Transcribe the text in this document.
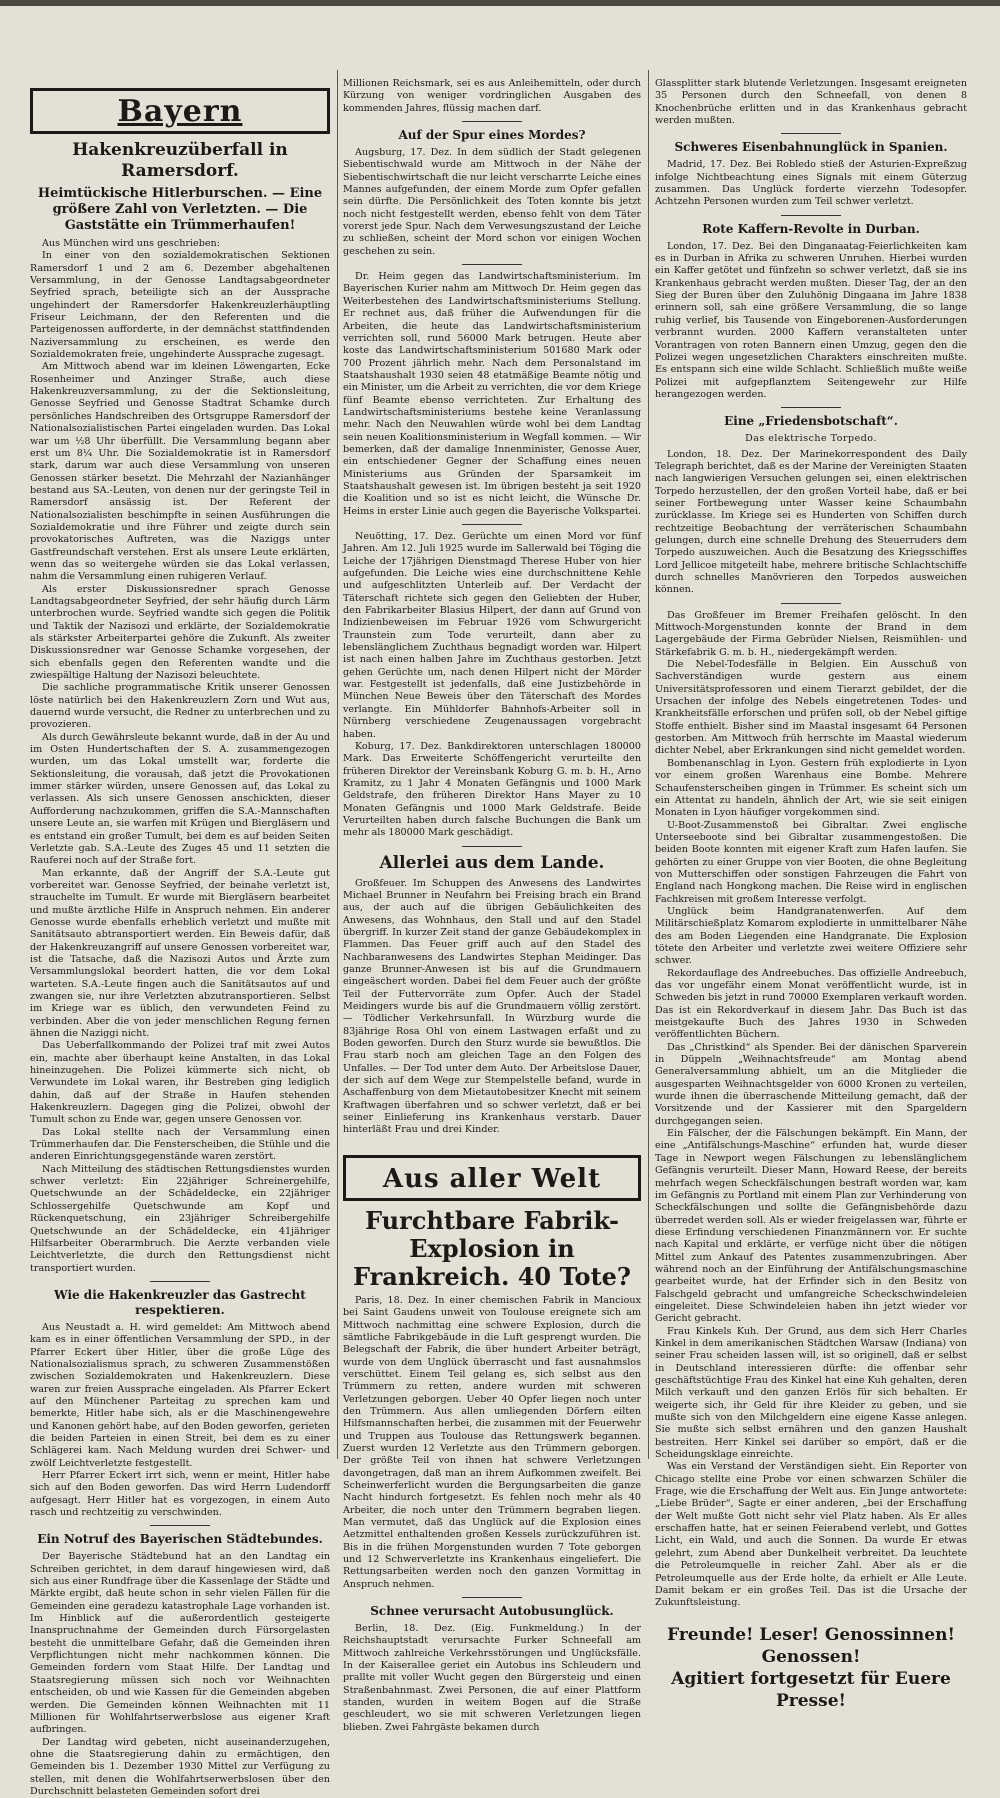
Bayern
Hakenkreuzüberfall in Ramersdorf.
Heimtückische Hitlerburschen. — Eine größere Zahl von Verletzten. — Die Gaststätte ein Trümmerhaufen!

Aus München wird uns geschrieben:

In einer von den sozialdemokratischen Sektionen Ramersdorf 1 und 2 am 6. Dezember abgehaltenen Versammlung, in der Genosse Landtagsabgeordneter Seyfried sprach, beteiligte sich an der Aussprache ungehindert der Ramersdorfer Hakenkreuzlerhäuptling Friseur Leichmann, der den Referenten und die Parteigenossen aufforderte, in der demnächst stattfindenden Naziversammlung zu erscheinen, es werde den Sozialdemokraten freie, ungehinderte Aussprache zugesagt.

Am Mittwoch abend war im kleinen Löwengarten, Ecke Rosenheimer und Anzinger Straße, auch diese Hakenkreuzversammlung, zu der die Sektionsleitung, Genosse Seyfried und Genosse Stadtrat Schamke durch persönliches Handschreiben des Ortsgruppe Ramersdorf der Nationalsozialistischen Partei eingeladen wurden. Das Lokal war um ½8 Uhr überfüllt. Die Versammlung begann aber erst um 8¼ Uhr. Die Sozialdemokratie ist in Ramersdorf stark, darum war auch diese Versammlung von unseren Genossen stärker besetzt. Die Mehrzahl der Nazianhänger bestand aus SA.-Leuten, von denen nur der geringste Teil in Ramersdorf ansässig ist. Der Referent der Nationalsozialisten beschimpfte in seinen Ausführungen die Sozialdemokratie und ihre Führer und zeigte durch sein provokatorisches Auftreten, was die Naziggs unter Gastfreundschaft verstehen. Erst als unsere Leute erklärten, wenn das so weitergehe würden sie das Lokal verlassen, nahm die Versammlung einen ruhigeren Verlauf.

Als erster Diskussionsredner sprach Genosse Landtagsabgeordneter Seyfried, der sehr häufig durch Lärm unterbrochen wurde. Seyfried wandte sich gegen die Politik und Taktik der Nazisozi und erklärte, der Sozialdemokratie als stärkster Arbeiterpartei gehöre die Zukunft. Als zweiter Diskussionsredner war Genosse Schamke vorgesehen, der sich ebenfalls gegen den Referenten wandte und die zwiespältige Haltung der Nazisozi beleuchtete.

Die sachliche programmatische Kritik unserer Genossen löste natürlich bei den Hakenkreuzlern Zorn und Wut aus, dauernd wurde versucht, die Redner zu unterbrechen und zu provozieren.

Als durch Gewährsleute bekannt wurde, daß in der Au und im Osten Hundertschaften der S. A. zusammengezogen wurden, um das Lokal umstellt war, forderte die Sektionsleitung, die vorausah, daß jetzt die Provokationen immer stärker würden, unsere Genossen auf, das Lokal zu verlassen. Als sich unsere Genossen anschickten, dieser Aufforderung nachzukommen, griffen die S.A.-Mannschaften unsere Leute an, sie warfen mit Krügen und Biergläsern und es entstand ein großer Tumult, bei dem es auf beiden Seiten Verletzte gab. S.A.-Leute des Zuges 45 und 11 setzten die Rauferei noch auf der Straße fort.

Man erkannte, daß der Angriff der S.A.-Leute gut vorbereitet war. Genosse Seyfried, der beinahe verletzt ist, strauchelte im Tumult. Er wurde mit Biergläsern bearbeitet und mußte ärztliche Hilfe in Anspruch nehmen. Ein anderer Genosse wurde ebenfalls erheblich verletzt und mußte mit Sanitätsauto abtransportiert werden. Ein Beweis dafür, daß der Hakenkreuzangriff auf unsere Genossen vorbereitet war, ist die Tatsache, daß die Nazisozi Autos und Ärzte zum Versammlungslokal beordert hatten, die vor dem Lokal warteten. S.A.-Leute fingen auch die Sanitätsautos auf und zwangen sie, nur ihre Verletzten abzutransportieren. Selbst im Kriege war es üblich, den verwundeten Feind zu verbinden. Aber die von jeder menschlichen Regung fernen ähnen die Naziggi nicht.

Das Ueberfallkommando der Polizei traf mit zwei Autos ein, machte aber überhaupt keine Anstalten, in das Lokal hineinzugehen. Die Polizei kümmerte sich nicht, ob Verwundete im Lokal waren, ihr Bestreben ging lediglich dahin, daß auf der Straße in Haufen stehenden Hakenkreuzlern. Dagegen ging die Polizei, obwohl der Tumult schon zu Ende war, gegen unsere Genossen vor.

Das Lokal stellte nach der Versammlung einen Trümmerhaufen dar. Die Fensterscheiben, die Stühle und die anderen Einrichtungsgegenstände waren zerstört.

Nach Mitteilung des städtischen Rettungsdienstes wurden schwer verletzt: Ein 22jähriger Schreinergehilfe, Quetschwunde an der Schädeldecke, ein 22jähriger Schlossergehilfe Quetschwunde am Kopf und Rückenquetschung, ein 23jähriger Schreibergehilfe Quetschwunde an der Schädeldecke, ein 41jähriger Hilfsarbeiter Oberarmbruch. Die Aerzte verbanden viele Leichtverletzte, die durch den Rettungsdienst nicht transportiert wurden.

Wie die Hakenkreuzler das Gastrecht respektieren.

Aus Neustadt a. H. wird gemeldet: Am Mittwoch abend kam es in einer öffentlichen Versammlung der SPD., in der Pfarrer Eckert über Hitler, über die große Lüge des Nationalsozialismus sprach, zu schweren Zusammenstößen zwischen Sozialdemokraten und Hakenkreuzlern. Diese waren zur freien Aussprache eingeladen. Als Pfarrer Eckert auf den Münchener Parteitag zu sprechen kam und bemerkte, Hitler habe sich, als er die Maschinengewehre und Kanonen gehört habe, auf den Boden geworfen, gerieten die beiden Parteien in einen Streit, bei dem es zu einer Schlägerei kam. Nach Meldung wurden drei Schwer- und zwölf Leichtverletzte festgestellt.

Herr Pfarrer Eckert irrt sich, wenn er meint, Hitler habe sich auf den Boden geworfen. Das wird Herrn Ludendorff aufgesagt. Herr Hitler hat es vorgezogen, in einem Auto rasch und rechtzeitig zu verschwinden.

Ein Notruf des Bayerischen Städtebundes.

Der Bayerische Städtebund hat an den Landtag ein Schreiben gerichtet, in dem darauf hingewiesen wird, daß sich aus einer Rundfrage über die Kassenlage der Städte und Märkte ergibt, daß heute schon in sehr vielen Fällen für die Gemeinden eine geradezu katastrophale Lage vorhanden ist. Im Hinblick auf die außerordentlich gesteigerte Inanspruchnahme der Gemeinden durch Fürsorgelasten besteht die unmittelbare Gefahr, daß die Gemeinden ihren Verpflichtungen nicht mehr nachkommen können. Die Gemeinden fordern vom Staat Hilfe. Der Landtag und Staatsregierung müssen sich noch vor Weihnachten entscheiden, ob und wie Kassen für die Gemeinden abgeben werden. Die Gemeinden können Weihnachten mit 11 Millionen für Wohlfahrtserwerbslose aus eigener Kraft aufbringen.

Der Landtag wird gebeten, nicht auseinanderzugehen, ohne die Staatsregierung dahin zu ermächtigen, den Gemeinden bis 1. Dezember 1930 Mittel zur Verfügung zu stellen, mit denen die Wohlfahrtserwerbslosen über den Durchschnitt belasteten Gemeinden sofort drei

Millionen Reichsmark, sei es aus Anleihemitteln, oder durch Kürzung von weniger vordringlichen Ausgaben des kommenden Jahres, flüssig machen darf.

Auf der Spur eines Mordes?

Augsburg, 17. Dez. In dem südlich der Stadt gelegenen Siebentischwald wurde am Mittwoch in der Nähe der Siebentischwirtschaft die nur leicht verscharrte Leiche eines Mannes aufgefunden, der einem Morde zum Opfer gefallen sein dürfte. Die Persönlichkeit des Toten konnte bis jetzt noch nicht festgestellt werden, ebenso fehlt von dem Täter vorerst jede Spur. Nach dem Verwesungszustand der Leiche zu schließen, scheint der Mord schon vor einigen Wochen geschehen zu sein.

Dr. Heim gegen das Landwirtschaftsministerium. Im Bayerischen Kurier nahm am Mittwoch Dr. Heim gegen das Weiterbestehen des Landwirtschaftsministeriums Stellung. Er rechnet aus, daß früher die Aufwendungen für die Arbeiten, die heute das Landwirtschaftsministerium verrichten soll, rund 56000 Mark betrugen. Heute aber koste das Landwirtschaftsministerium 501680 Mark oder 700 Prozent jährlich mehr. Nach dem Personalstand im Staatshaushalt 1930 seien 48 etatmäßige Beamte nötig und ein Minister, um die Arbeit zu verrichten, die vor dem Kriege fünf Beamte ebenso verrichteten. Zur Erhaltung des Landwirtschaftsministeriums bestehe keine Veranlassung mehr. Nach den Neuwahlen würde wohl bei dem Landtag sein neuen Koalitionsministerium in Wegfall kommen. — Wir bemerken, daß der damalige Innenminister, Genosse Auer, ein entschiedener Gegner der Schaffung eines neuen Ministeriums aus Gründen der Sparsamkeit im Staatshaushalt gewesen ist. Im übrigen besteht ja seit 1920 die Koalition und so ist es nicht leicht, die Wünsche Dr. Heims in erster Linie auch gegen die Bayerische Volkspartei.

Neuötting, 17. Dez. Gerüchte um einen Mord vor fünf Jahren. Am 12. Juli 1925 wurde im Sallerwald bei Töging die Leiche der 17jährigen Dienstmagd Therese Huber von hier aufgefunden. Die Leiche wies eine durchschnittene Kehle und aufgeschlitzten Unterleib auf. Der Verdacht der Täterschaft richtete sich gegen den Geliebten der Huber, den Fabrikarbeiter Blasius Hilpert, der dann auf Grund von Indizienbeweisen im Februar 1926 vom Schwurgericht Traunstein zum Tode verurteilt, dann aber zu lebenslänglichem Zuchthaus begnadigt worden war. Hilpert ist nach einen halben Jahre im Zuchthaus gestorben. Jetzt gehen Gerüchte um, nach denen Hilpert nicht der Mörder war. Festgestellt ist jedenfalls, daß eine Justizbehörde in München Neue Beweis über den Täterschaft des Mordes verlangte. Ein Mühldorfer Bahnhofs-Arbeiter soll in Nürnberg verschiedene Zeugenaussagen vorgebracht haben.

Koburg, 17. Dez. Bankdirektoren unterschlagen 180000 Mark. Das Erweiterte Schöffengericht verurteilte den früheren Direktor der Vereinsbank Koburg G. m. b. H., Arno Kramitz, zu 1 Jahr 4 Monaten Gefängnis und 1000 Mark Geldstrafe, den früheren Direktor Hans Mayer zu 10 Monaten Gefängnis und 1000 Mark Geldstrafe. Beide Verurteilten haben durch falsche Buchungen die Bank um mehr als 180000 Mark geschädigt.

Allerlei aus dem Lande.

Großfeuer. Im Schuppen des Anwesens des Landwirtes Michael Brunner in Neufahrn bei Freising brach ein Brand aus, der auch auf die übrigen Gebäulichkeiten des Anwesens, das Wohnhaus, den Stall und auf den Stadel übergriff. In kurzer Zeit stand der ganze Gebäudekomplex in Flammen. Das Feuer griff auch auf den Stadel des Nachbaranwesens des Landwirtes Stephan Meidinger. Das ganze Brunner-Anwesen ist bis auf die Grundmauern eingeäschert worden. Dabei fiel dem Feuer auch der größte Teil der Futtervorräte zum Opfer. Auch der Stadel Meidingers wurde bis auf die Grundmauern völlig zerstört. — Tödlicher Verkehrsunfall. In Würzburg wurde die 83jährige Rosa Ohl von einem Lastwagen erfaßt und zu Boden geworfen. Durch den Sturz wurde sie bewußtlos. Die Frau starb noch am gleichen Tage an den Folgen des Unfalles. — Der Tod unter dem Auto. Der Arbeitslose Dauer, der sich auf dem Wege zur Stempelstelle befand, wurde in Aschaffenburg von dem Mietautobesitzer Knecht mit seinem Kraftwagen überfahren und so schwer verletzt, daß er bei seiner Einlieferung ins Krankenhaus verstarb. Dauer hinterläßt Frau und drei Kinder.

Aus aller Welt
Furchtbare Fabrik-Explosion in Frankreich. 40 Tote?

Paris, 18. Dez. In einer chemischen Fabrik in Mancioux bei Saint Gaudens unweit von Toulouse ereignete sich am Mittwoch nachmittag eine schwere Explosion, durch die sämtliche Fabrikgebäude in die Luft gesprengt wurden. Die Belegschaft der Fabrik, die über hundert Arbeiter beträgt, wurde von dem Unglück überrascht und fast ausnahmslos verschüttet. Einem Teil gelang es, sich selbst aus den Trümmern zu retten, andere wurden mit schweren Verletzungen geborgen. Ueber 40 Opfer liegen noch unter den Trümmern. Aus allen umliegenden Dörfern eilten Hilfsmannschaften herbei, die zusammen mit der Feuerwehr und Truppen aus Toulouse das Rettungswerk begannen. Zuerst wurden 12 Verletzte aus den Trümmern geborgen. Der größte Teil von ihnen hat schwere Verletzungen davongetragen, daß man an ihrem Aufkommen zweifelt. Bei Scheinwerferlicht wurden die Bergungsarbeiten die ganze Nacht hindurch fortgesetzt. Es fehlen noch mehr als 40 Arbeiter, die noch unter den Trümmern begraben liegen. Man vermutet, daß das Unglück auf die Explosion eines Aetzmittel enthaltenden großen Kessels zurückzuführen ist. Bis in die frühen Morgenstunden wurden 7 Tote geborgen und 12 Schwerverletzte ins Krankenhaus eingeliefert. Die Rettungsarbeiten werden noch den ganzen Vormittag in Anspruch nehmen.

Schnee verursacht Autobusunglück.

Berlin, 18. Dez. (Eig. Funkmeldung.) In der Reichshauptstadt verursachte Furker Schneefall am Mittwoch zahlreiche Verkehrsstörungen und Unglücksfälle. In der Kaiserallee geriet ein Autobus ins Schleudern und prallte mit voller Wucht gegen den Bürgersteig und einen Straßenbahnmast. Zwei Personen, die auf einer Plattform standen, wurden in weitem Bogen auf die Straße geschleudert, wo sie mit schweren Verletzungen liegen blieben. Zwei Fahrgäste bekamen durch

Glassplitter stark blutende Verletzungen. Insgesamt ereigneten 35 Personen durch den Schneefall, von denen 8 Knochenbrüche erlitten und in das Krankenhaus gebracht werden mußten.

Schweres Eisenbahnunglück in Spanien.

Madrid, 17. Dez. Bei Robledo stieß der Asturien-Expreßzug infolge Nichtbeachtung eines Signals mit einem Güterzug zusammen. Das Unglück forderte vierzehn Todesopfer. Achtzehn Personen wurden zum Teil schwer verletzt.

Rote Kaffern-Revolte in Durban.

London, 17. Dez. Bei den Dinganaatag-Feierlichkeiten kam es in Durban in Afrika zu schweren Unruhen. Hierbei wurden ein Kaffer getötet und fünfzehn so schwer verletzt, daß sie ins Krankenhaus gebracht werden mußten. Dieser Tag, der an den Sieg der Buren über den Zuluhönig Dingaana im Jahre 1838 erinnern soll, sah eine größere Versammlung, die so lange ruhig verlief, bis Tausende von Eingeborenen-Ausforderungen verbrannt wurden. 2000 Kaffern veranstalteten unter Vorantragen von roten Bannern einen Umzug, gegen den die Polizei wegen ungesetzlichen Charakters einschreiten mußte. Es entspann sich eine wilde Schlacht. Schließlich mußte weiße Polizei mit aufgepflanztem Seitengewehr zur Hilfe herangezogen werden.

Eine „Friedensbotschaft“.
Das elektrische Torpedo.

London, 18. Dez. Der Marinekorrespondent des Daily Telegraph berichtet, daß es der Marine der Vereinigten Staaten nach langwierigen Versuchen gelungen sei, einen elektrischen Torpedo herzustellen, der den großen Vorteil habe, daß er bei seiner Fortbewegung unter Wasser keine Schaumbahn zurücklasse. Im Kriege sei es Hunderten von Schiffen durch rechtzeitige Beobachtung der verräterischen Schaumbahn gelungen, durch eine schnelle Drehung des Steuerruders dem Torpedo auszuweichen. Auch die Besatzung des Kriegsschiffes Lord Jellicoe mitgeteilt habe, mehrere britische Schlachtschiffe durch schnelles Manövrieren den Torpedos ausweichen können.

Das Großfeuer im Bremer Freihafen gelöscht. In den Mittwoch-Morgenstunden konnte der Brand in dem Lagergebäude der Firma Gebrüder Nielsen, Reismühlen- und Stärkefabrik G. m. b. H., niedergekämpft werden.

Die Nebel-Todesfälle in Belgien. Ein Ausschuß von Sachverständigen wurde gestern aus einem Universitätsprofessoren und einem Tierarzt gebildet, der die Ursachen der infolge des Nebels eingetretenen Todes- und Krankheitsfälle erforschen und prüfen soll, ob der Nebel giftige Stoffe enthielt. Bisher sind im Maastal insgesamt 64 Personen gestorben. Am Mittwoch früh herrschte im Maastal wiederum dichter Nebel, aber Erkrankungen sind nicht gemeldet worden.

Bombenanschlag in Lyon. Gestern früh explodierte in Lyon vor einem großen Warenhaus eine Bombe. Mehrere Schaufensterscheiben gingen in Trümmer. Es scheint sich um ein Attentat zu handeln, ähnlich der Art, wie sie seit einigen Monaten in Lyon häufiger vorgekommen sind.

U-Boot-Zusammenstoß bei Gibraltar. Zwei englische Unterseeboote sind bei Gibraltar zusammengestoßen. Die beiden Boote konnten mit eigener Kraft zum Hafen laufen. Sie gehörten zu einer Gruppe von vier Booten, die ohne Begleitung von Mutterschiffen oder sonstigen Fahrzeugen die Fahrt von England nach Hongkong machen. Die Reise wird in englischen Fachkreisen mit großem Interesse verfolgt.

Unglück beim Handgranatenwerfen. Auf dem Militärschießplatz Komarom explodierte in unmittelbarer Nähe des am Boden Liegenden eine Handgranate. Die Explosion tötete den Arbeiter und verletzte zwei weitere Offiziere sehr schwer.

Rekordauflage des Andreebuches. Das offizielle Andreebuch, das vor ungefähr einem Monat veröffentlicht wurde, ist in Schweden bis jetzt in rund 70000 Exemplaren verkauft worden. Das ist ein Rekordverkauf in diesem Jahr. Das Buch ist das meistgekaufte Buch des Jahres 1930 in Schweden veröffentlichten Büchern.

Das „Christkind“ als Spender. Bei der dänischen Sparverein in Düppeln „Weihnachtsfreude“ am Montag abend Generalversammlung abhielt, um an die Mitglieder die ausgesparten Weihnachtsgelder von 6000 Kronen zu verteilen, wurde ihnen die überraschende Mitteilung gemacht, daß der Vorsitzende und der Kassierer mit den Spargeldern durchgegangen seien.

Ein Fälscher, der die Fälschungen bekämpft. Ein Mann, der eine „Antifälschungs-Maschine“ erfunden hat, wurde dieser Tage in Newport wegen Fälschungen zu lebenslänglichem Gefängnis verurteilt. Dieser Mann, Howard Reese, der bereits mehrfach wegen Scheckfälschungen bestraft worden war, kam im Gefängnis zu Portland mit einem Plan zur Verhinderung von Scheckfälschungen und sollte die Gefängnisbehörde dazu überredet werden soll. Als er wieder freigelassen war, führte er diese Erfindung verschiedenen Finanzmännern vor. Er suchte nach Kapital und erklärte, er verfüge nicht über die nötigen Mittel zum Ankauf des Patentes zusammenzubringen. Aber während noch an der Einführung der Antifälschungsmaschine gearbeitet wurde, hat der Erfinder sich in den Besitz von Falschgeld gebracht und umfangreiche Scheckschwindeleien eingeleitet. Diese Schwindeleien haben ihn jetzt wieder vor Gericht gebracht.

Frau Kinkels Kuh. Der Grund, aus dem sich Herr Charles Kinkel in dem amerikanischen Städtchen Warsaw (Indiana) von seiner Frau scheiden lassen will, ist so originell, daß er selbst in Deutschland interessieren dürfte: die offenbar sehr geschäftstüchtige Frau des Kinkel hat eine Kuh gehalten, deren Milch verkauft und den ganzen Erlös für sich behalten. Er weigerte sich, ihr Geld für ihre Kleider zu geben, und sie mußte sich von den Milchgeldern eine eigene Kasse anlegen. Sie mußte sich selbst ernähren und den ganzen Haushalt bestreiten. Herr Kinkel sei darüber so empört, daß er die Scheidungsklage einreichte.

Was ein Verstand der Verständigen sieht. Ein Reporter von Chicago stellte eine Probe vor einen schwarzen Schüler die Frage, wie die Erschaffung der Welt aus. Ein Junge antwortete: „Liebe Brüder“, Sagte er einer anderen, „bei der Erschaffung der Welt mußte Gott nicht sehr viel Platz haben. Als Er alles erschaffen hatte, hat er seinen Feierabend verlebt, und Gottes Licht, ein Wald, und auch die Sonnen. Da wurde Er etwas gelehrt, zum Abend aber Dunkelheit verbreitet. Da leuchtete die Petroleumquelle in reicher Zahl. Aber als er die Petroleumquelle aus der Erde holte, da erhielt er Alle Leute. Damit bekam er ein großes Teil. Das ist die Ursache der Zukunftsleistung.

Freunde! Leser! Genossinnen! Genossen!
Agitiert fortgesetzt für Euere Presse!
